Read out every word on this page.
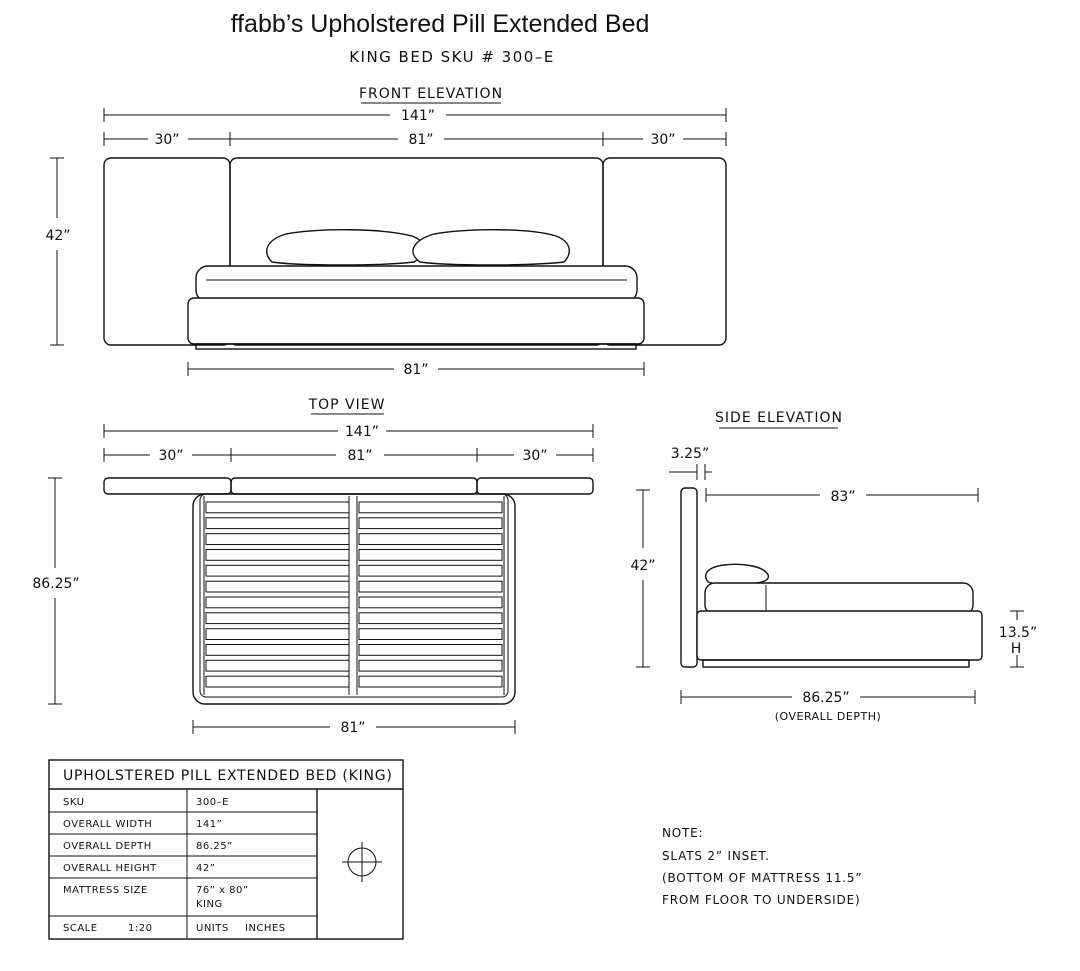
ffabb’s Upholstered Pill Extended Bed
KING BED SKU # 300–E
FRONT ELEVATION
141”
30”	81”	30”
42”
81”
TOP VIEW
141”
30”	81”	30”
86.25”
81”
SIDE ELEVATION
3.25”
83”
42”
13.5”
H
86.25”
(OVERALL DEPTH)
UPHOLSTERED PILL EXTENDED BED (KING)
SKU	300–E
OVERALL WIDTH	141”
OVERALL DEPTH	86.25”
OVERALL HEIGHT	42”
MATTRESS SIZE	76” x 80”
KING
SCALE	1:20	UNITS INCHES
NOTE:
SLATS 2” INSET.
(BOTTOM OF MATTRESS 11.5”
FROM FLOOR TO UNDERSIDE)
